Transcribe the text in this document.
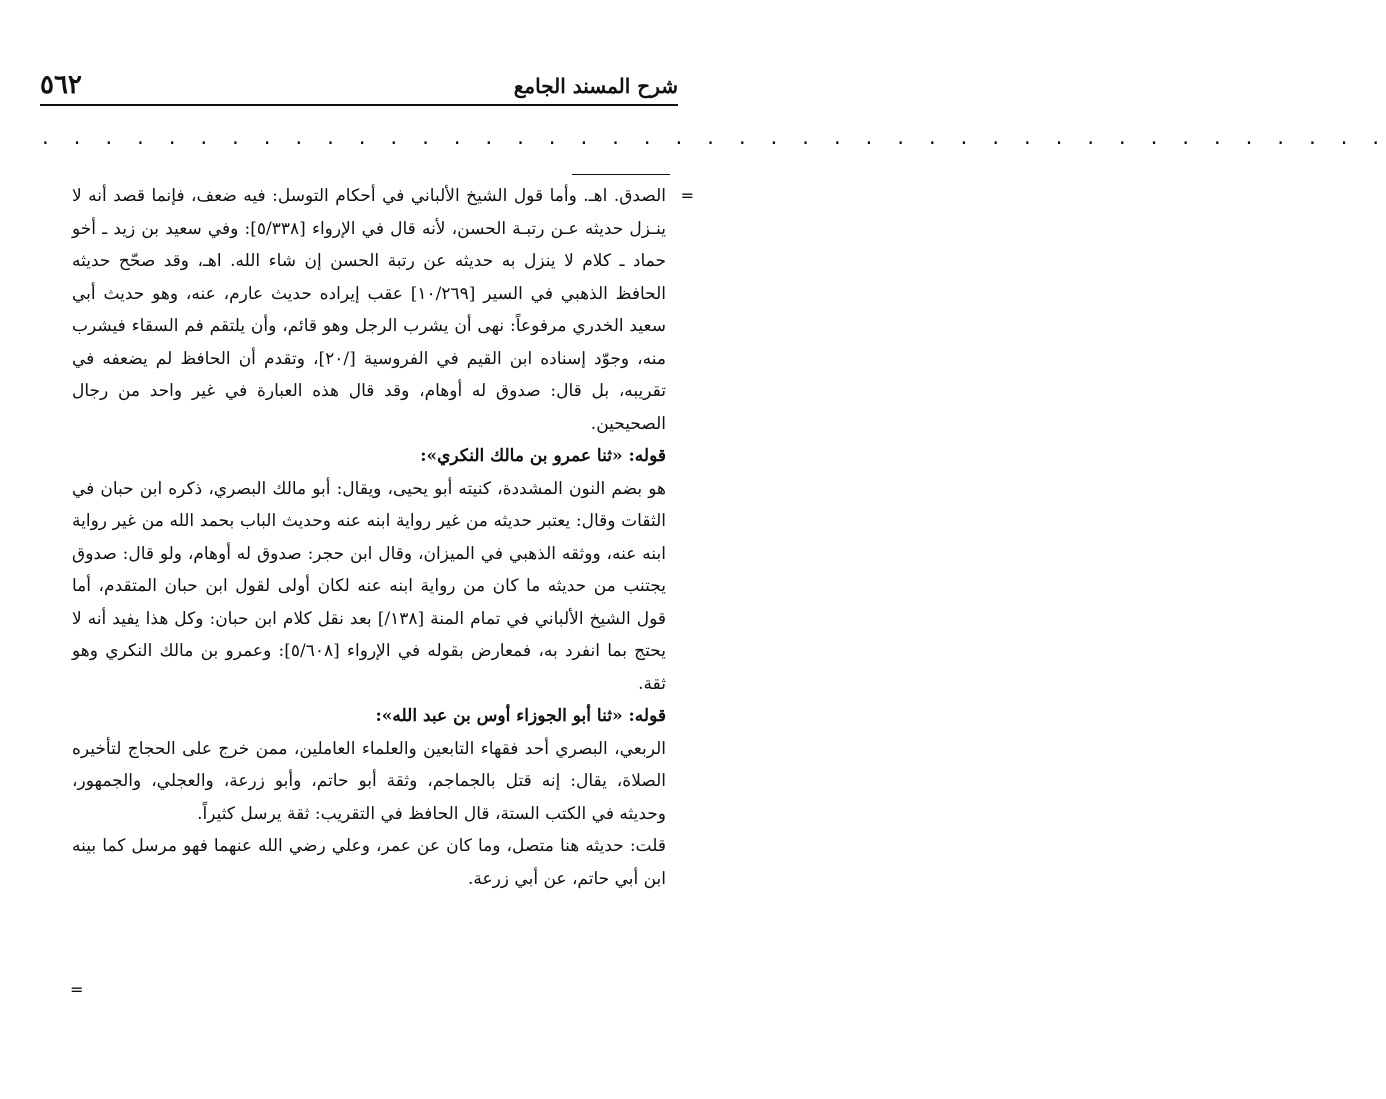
٥٦٢	شرح المسند الجامع
. . . . . . . . . . . . . . . . . . . . . . . . . . . . . . . . . . . . . . . . . . .
=

الصدق. اهـ. وأما قول الشيخ الألباني في أحكام التوسل: فيه ضعف، فإنما قصد أنه لا ينـزل حديثه عـن رتبـة الحسن، لأنه قال في الإرواء [٥/٣٣٨]: وفي سعيد بن زيد ـ أخو حماد ـ كلام لا ينزل به حديثه عن رتبة الحسن إن شاء الله. اهـ، وقد صحّح حديثه الحافظ الذهبي في السير [١٠/٢٦٩] عقب إيراده حديث عارم، عنه، وهو حديث أبي سعيد الخدري مرفوعاً: نهى أن يشرب الرجل وهو قائم، وأن يلتقم فم السقاء فيشرب منه، وجوّد إسناده ابن القيم في الفروسية [/٢٠]، وتقدم أن الحافظ لم يضعفه في تقريبه، بل قال: صدوق له أوهام، وقد قال هذه العبارة في غير واحد من رجال الصحيحين.

قوله: «ثنا عمرو بن مالك النكري»:

هو بضم النون المشددة، كنيته أبو يحيى، ويقال: أبو مالك البصري، ذكره ابن حبان في الثقات وقال: يعتبر حديثه من غير رواية ابنه عنه وحديث الباب بحمد الله من غير رواية ابنه عنه، ووثقه الذهبي في الميزان، وقال ابن حجر: صدوق له أوهام، ولو قال: صدوق يجتنب من حديثه ما كان من رواية ابنه عنه لكان أولى لقول ابن حبان المتقدم، أما قول الشيخ الألباني في تمام المنة [١٣٨/] بعد نقل كلام ابن حبان: وكل هذا يفيد أنه لا يحتج بما انفرد به، فمعارض بقوله في الإرواء [٥/٦٠٨]: وعمرو بن مالك النكري وهو ثقة.

قوله: «ثنا أبو الجوزاء أوس بن عبد الله»:

الربعي، البصري أحد فقهاء التابعين والعلماء العاملين، ممن خرج على الحجاج لتأخيره الصلاة، يقال: إنه قتل بالجماجم، وثقة أبو حاتم، وأبو زرعة، والعجلي، والجمهور، وحديثه في الكتب الستة، قال الحافظ في التقريب: ثقة يرسل كثيراً.

قلت: حديثه هنا متصل، وما كان عن عمر، وعلي رضي الله عنهما فهو مرسل كما بينه ابن أبي حاتم، عن أبي زرعة.

=
